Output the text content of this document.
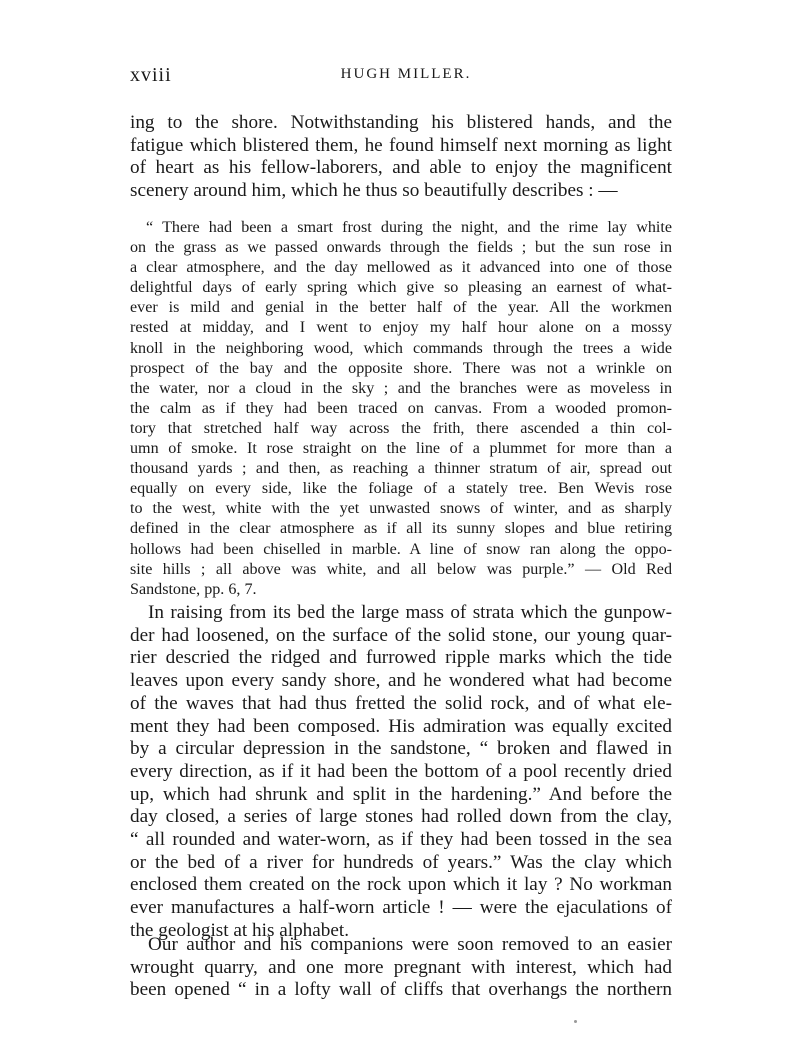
xviii	HUGH MILLER.
ing to the shore. Notwithstanding his blistered hands, and the
fatigue which blistered them, he found himself next morning as light
of heart as his fellow-laborers, and able to enjoy the magnificent
scenery around him, which he thus so beautifully describes : —
“ There had been a smart frost during the night, and the rime lay white
on the grass as we passed onwards through the fields ; but the sun rose in
a clear atmosphere, and the day mellowed as it advanced into one of those
delightful days of early spring which give so pleasing an earnest of what-
ever is mild and genial in the better half of the year. All the workmen
rested at midday, and I went to enjoy my half hour alone on a mossy
knoll in the neighboring wood, which commands through the trees a wide
prospect of the bay and the opposite shore. There was not a wrinkle on
the water, nor a cloud in the sky ; and the branches were as moveless in
the calm as if they had been traced on canvas. From a wooded promon-
tory that stretched half way across the frith, there ascended a thin col-
umn of smoke. It rose straight on the line of a plummet for more than a
thousand yards ; and then, as reaching a thinner stratum of air, spread out
equally on every side, like the foliage of a stately tree. Ben Wevis rose
to the west, white with the yet unwasted snows of winter, and as sharply
defined in the clear atmosphere as if all its sunny slopes and blue retiring
hollows had been chiselled in marble. A line of snow ran along the oppo-
site hills ; all above was white, and all below was purple.” — Old Red
Sandstone, pp. 6, 7.
In raising from its bed the large mass of strata which the gunpow-
der had loosened, on the surface of the solid stone, our young quar-
rier descried the ridged and furrowed ripple marks which the tide
leaves upon every sandy shore, and he wondered what had become
of the waves that had thus fretted the solid rock, and of what ele-
ment they had been composed. His admiration was equally excited
by a circular depression in the sandstone, “ broken and flawed in
every direction, as if it had been the bottom of a pool recently dried
up, which had shrunk and split in the hardening.” And before the
day closed, a series of large stones had rolled down from the clay,
“ all rounded and water-worn, as if they had been tossed in the sea
or the bed of a river for hundreds of years.” Was the clay which
enclosed them created on the rock upon which it lay ? No workman
ever manufactures a half-worn article ! — were the ejaculations of
the geologist at his alphabet.
Our author and his companions were soon removed to an easier
wrought quarry, and one more pregnant with interest, which had
been opened “ in a lofty wall of cliffs that overhangs the northern
